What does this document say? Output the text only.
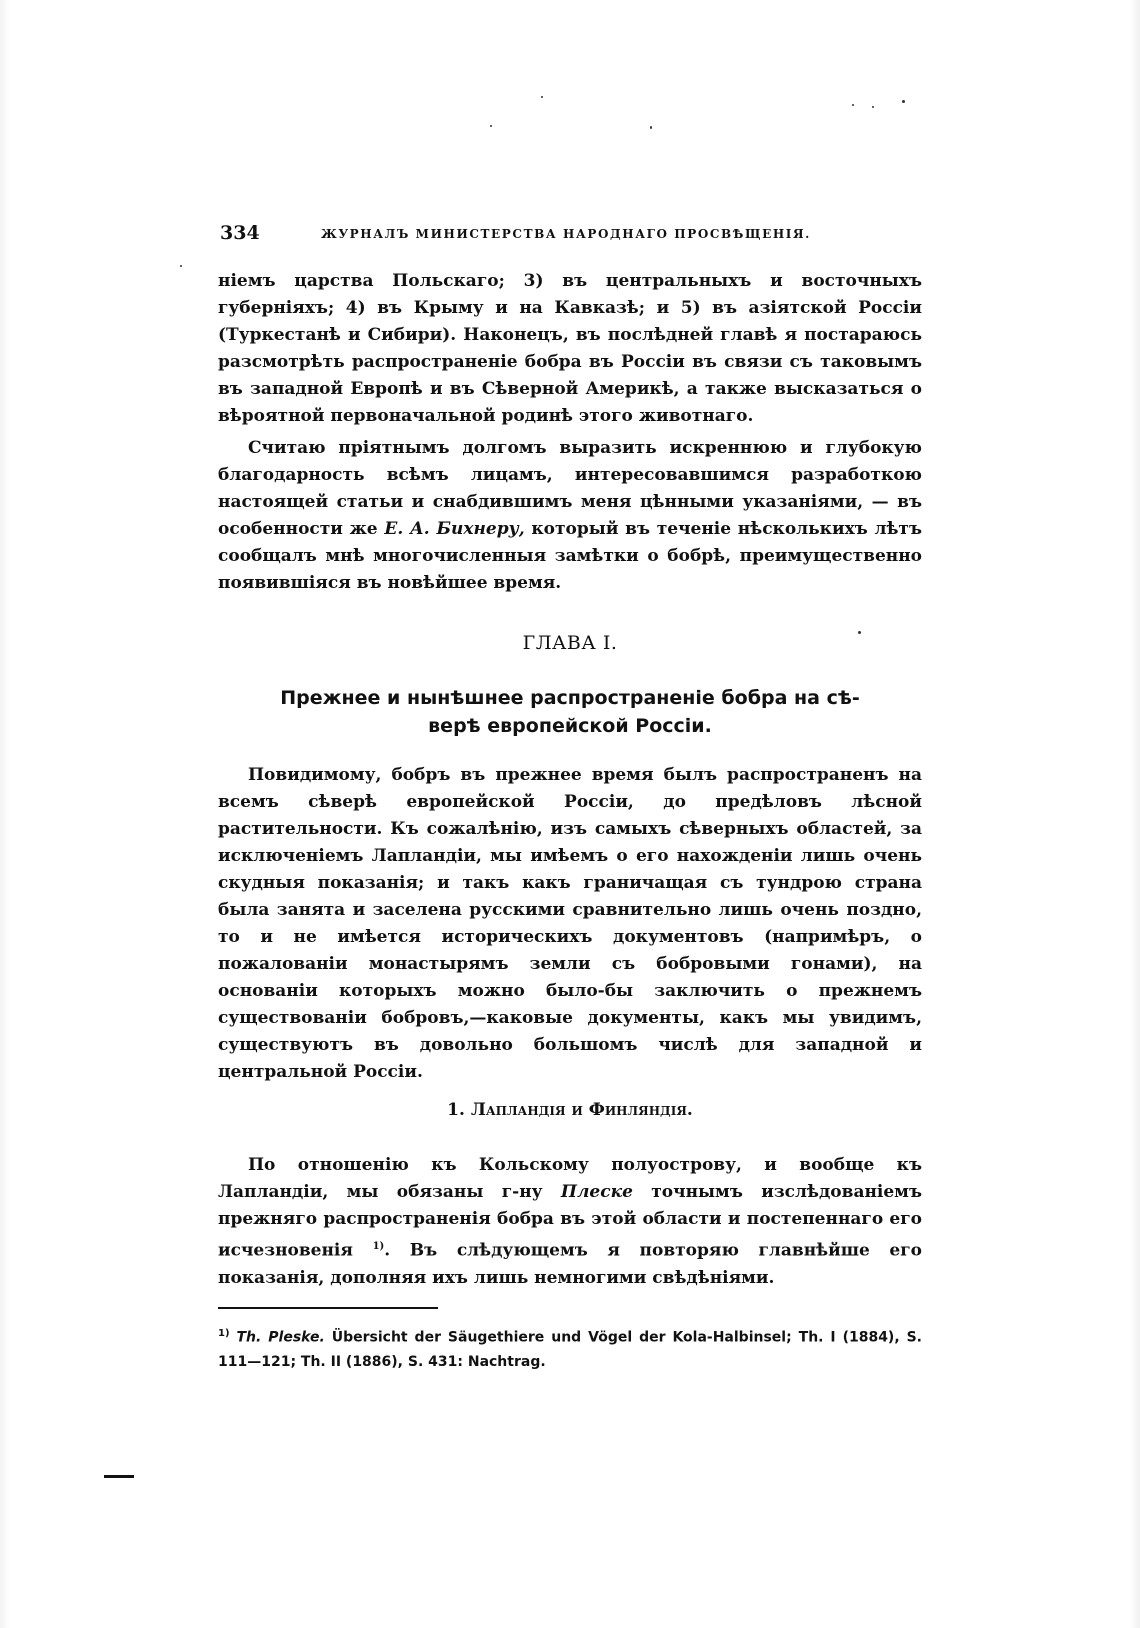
334	ЖУРНАЛЪ МИНИСТЕРСТВА НАРОДНАГО ПРОСВѢЩЕНІЯ.
ніемъ царства Польскаго; 3) въ центральныхъ и восточныхъ губерніяхъ; 4) въ Крыму и на Кавказѣ; и 5) въ азіятской Россіи (Туркестанѣ и Сибири). Наконецъ, въ послѣдней главѣ я постараюсь разсмотрѣть распространеніе бобра въ Россіи въ связи съ таковымъ въ западной Европѣ и въ Сѣверной Америкѣ, а также высказаться о вѣроятной первоначальной родинѣ этого животнаго.
Считаю пріятнымъ долгомъ выразить искреннюю и глубокую благодарность всѣмъ лицамъ, интересовавшимся разработкою настоящей статьи и снабдившимъ меня цѣнными указаніями, — въ особенности же Е. А. Бихнеру, который въ теченіе нѣсколькихъ лѣтъ сообщалъ мнѣ многочисленныя замѣтки о бобрѣ, преимущественно появившіяся въ новѣйшее время.
ГЛАВА I.
Прежнее и нынѣшнее распространеніе бобра на сѣ-
верѣ европейской Россіи.
Повидимому, бобръ въ прежнее время былъ распространенъ на всемъ сѣверѣ европейской Россіи, до предѣловъ лѣсной растительности. Къ сожалѣнію, изъ самыхъ сѣверныхъ областей, за исключеніемъ Лапландіи, мы имѣемъ о его нахожденіи лишь очень скудныя показанія; и такъ какъ граничащая съ тундрою страна была занята и заселена русскими сравнительно лишь очень поздно, то и не имѣется историческихъ документовъ (напримѣръ, о пожалованіи монастырямъ земли съ бобровыми гонами), на основаніи которыхъ можно было-бы заключить о прежнемъ существованіи бобровъ,—каковые документы, какъ мы увидимъ, существуютъ въ довольно большомъ числѣ для западной и центральной Россіи.
1. Лапландія и Финляндія.
По отношенію къ Кольскому полуострову, и вообще къ Лапландіи, мы обязаны г-ну Плеске точнымъ изслѣдованіемъ прежняго распространенія бобра въ этой области и постепеннаго его исчезновенія $^{1)}$. Въ слѣдующемъ я повторяю главнѣйше его показанія, дополняя ихъ лишь немногими свѣдѣніями.
$^{1)}$ Th. Pleske. Übersicht der Säugethiere und Vögel der Kola-Halbinsel; Th. I (1884), S. 111—121; Th. II (1886), S. 431: Nachtrag.
